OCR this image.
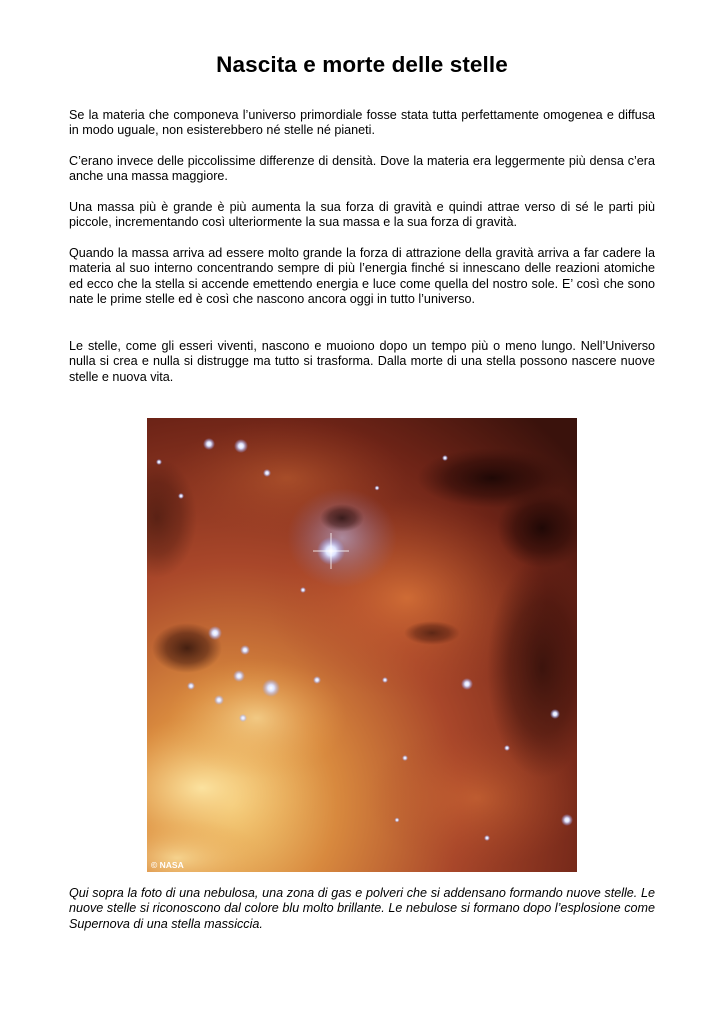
Nascita e morte delle stelle

Se la materia che componeva l’universo primordiale fosse stata tutta perfettamente omogenea e diffusa in modo uguale, non esisterebbero né stelle né pianeti.

C’erano invece delle piccolissime differenze di densità. Dove la materia era leggermente più densa c’era anche una massa maggiore.

Una massa più è grande è più aumenta la sua forza di gravità e quindi attrae verso di sé le parti più piccole, incrementando così ulteriormente la sua massa e la sua forza di gravità.

Quando la massa arriva ad essere molto grande la forza di attrazione della gravità arriva a far cadere la materia al suo interno concentrando sempre di più l’energia finché si innescano delle reazioni atomiche ed ecco che la stella si accende emettendo energia e luce come quella del nostro sole. E’ così che sono nate le prime stelle ed è così che nascono ancora oggi in tutto l’universo.

Le stelle, come gli esseri viventi, nascono e muoiono dopo un tempo più o meno lungo. Nell’Universo nulla si crea e nulla si distrugge ma tutto si trasforma. Dalla morte di una stella possono nascere nuove stelle e nuova vita.

© NASA

Qui sopra la foto di una nebulosa, una zona di gas e polveri che si addensano formando nuove stelle. Le nuove stelle si riconoscono dal colore blu molto brillante. Le nebulose si formano dopo l’esplosione come Supernova di una stella massiccia.
